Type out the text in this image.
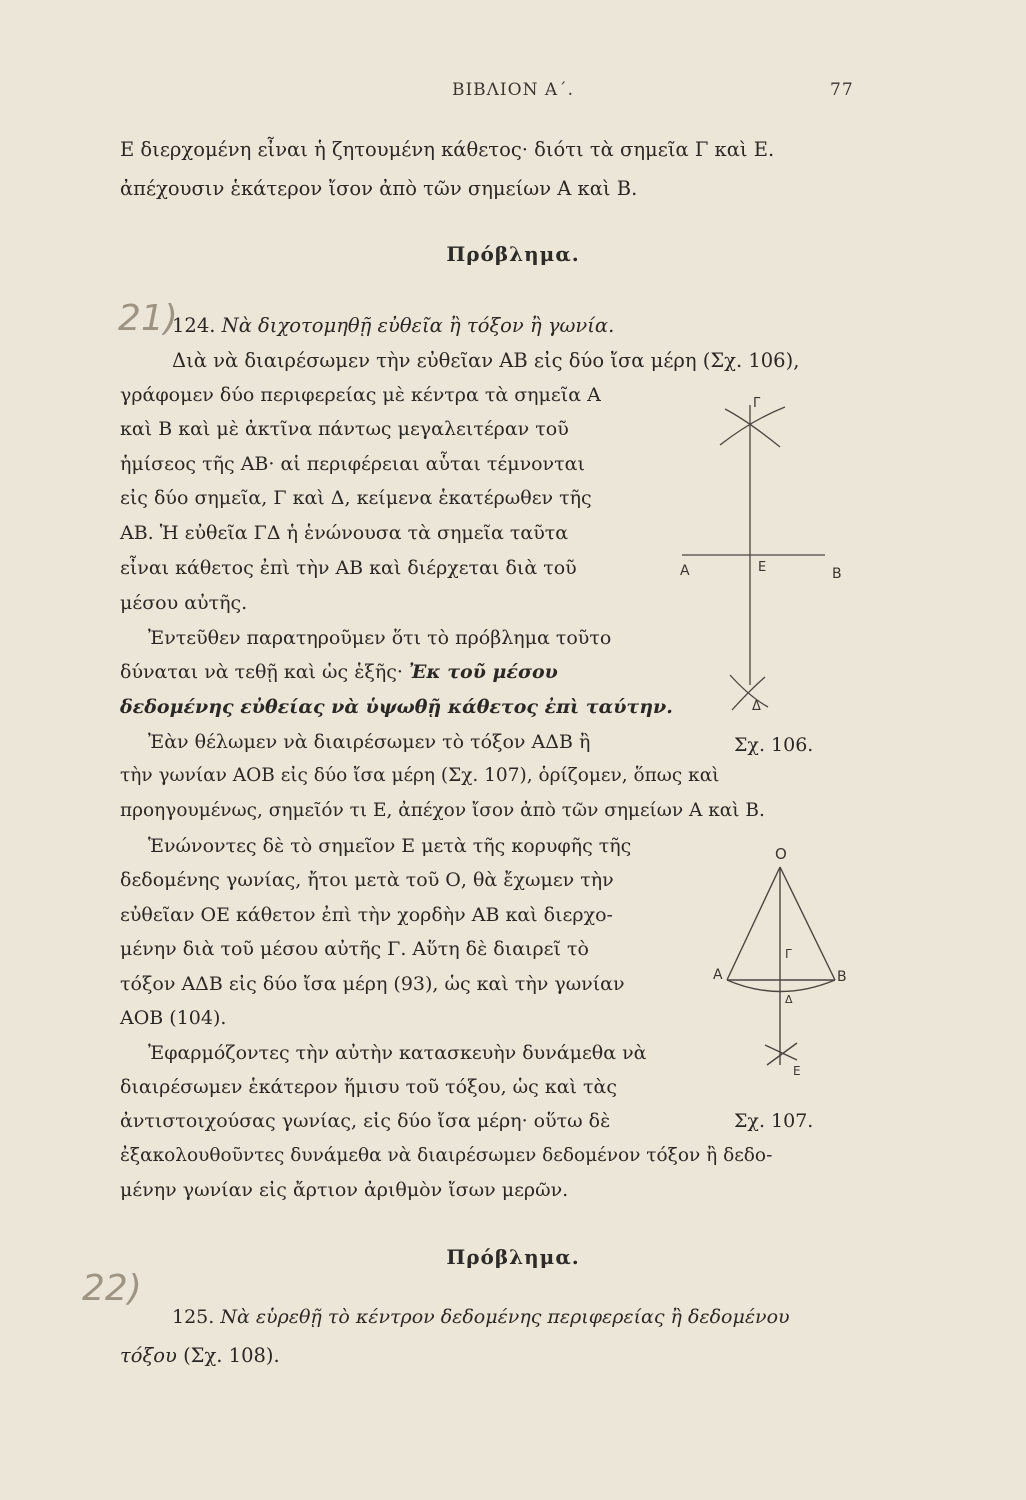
ΒΙΒΛΙΟΝ Α΄.	77
Ε διερχομένη εἶναι ἡ ζητουμένη κάθετος· διότι τὰ σημεῖα Γ καὶ Ε.
ἀπέχουσιν ἑκάτερον ἴσον ἀπὸ τῶν σημείων Α καὶ Β.
Πρόβλημα.
21)
124. Νὰ διχοτομηθῇ εὐθεῖα ἢ τόξον ἢ γωνία.
Διὰ νὰ διαιρέσωμεν τὴν εὐθεῖαν ΑΒ εἰς δύο ἴσα μέρη (Σχ. 106),
γράφομεν δύο περιφερείας μὲ κέντρα τὰ σημεῖα Α
καὶ Β καὶ μὲ ἀκτῖνα πάντως μεγαλειτέραν τοῦ
ἡμίσεος τῆς ΑΒ· αἱ περιφέρειαι αὗται τέμνονται
εἰς δύο σημεῖα, Γ καὶ Δ, κείμενα ἑκατέρωθεν τῆς
ΑΒ. Ἡ εὐθεῖα ΓΔ ἡ ἑνώνουσα τὰ σημεῖα ταῦτα
εἶναι κάθετος ἐπὶ τὴν ΑΒ καὶ διέρχεται διὰ τοῦ
μέσου αὐτῆς.
Ἐντεῦθεν παρατηροῦμεν ὅτι τὸ πρόβλημα τοῦτο
δύναται νὰ τεθῇ καὶ ὡς ἑξῆς· Ἐκ τοῦ μέσου
δεδομένης εὐθείας νὰ ὑψωθῇ κάθετος ἐπὶ ταύτην.
Ἐὰν θέλωμεν νὰ διαιρέσωμεν τὸ τόξον ΑΔΒ ἢ
τὴν γωνίαν ΑΟΒ εἰς δύο ἴσα μέρη (Σχ. 107), ὁρίζομεν, ὅπως καὶ
προηγουμένως, σημεῖόν τι Ε, ἀπέχον ἴσον ἀπὸ τῶν σημείων Α καὶ Β.
Ἑνώνοντες δὲ τὸ σημεῖον Ε μετὰ τῆς κορυφῆς τῆς
δεδομένης γωνίας, ἤτοι μετὰ τοῦ Ο, θὰ ἔχωμεν τὴν
εὐθεῖαν ΟΕ κάθετον ἐπὶ τὴν χορδὴν ΑΒ καὶ διερχο-
μένην διὰ τοῦ μέσου αὐτῆς Γ. Αὕτη δὲ διαιρεῖ τὸ
τόξον ΑΔΒ εἰς δύο ἴσα μέρη (93), ὡς καὶ τὴν γωνίαν
ΑΟΒ (104).
Ἐφαρμόζοντες τὴν αὐτὴν κατασκευὴν δυνάμεθα νὰ
διαιρέσωμεν ἑκάτερον ἥμισυ τοῦ τόξου, ὡς καὶ τὰς
ἀντιστοιχούσας γωνίας, εἰς δύο ἴσα μέρη· οὕτω δὲ
ἐξακολουθοῦντες δυνάμεθα νὰ διαιρέσωμεν δεδομένον τόξον ἢ δεδο-
μένην γωνίαν εἰς ἄρτιον ἀριθμὸν ἴσων μερῶν.
Πρόβλημα.
22)
125. Νὰ εὑρεθῇ τὸ κέντρον δεδομένης περιφερείας ἢ δεδομένου
τόξου (Σχ. 108).
Γ
Α	Ε	Β
Δ
Σχ. 106.
Ο
Α	Β
Γ
Δ
Ε
Σχ. 107.
